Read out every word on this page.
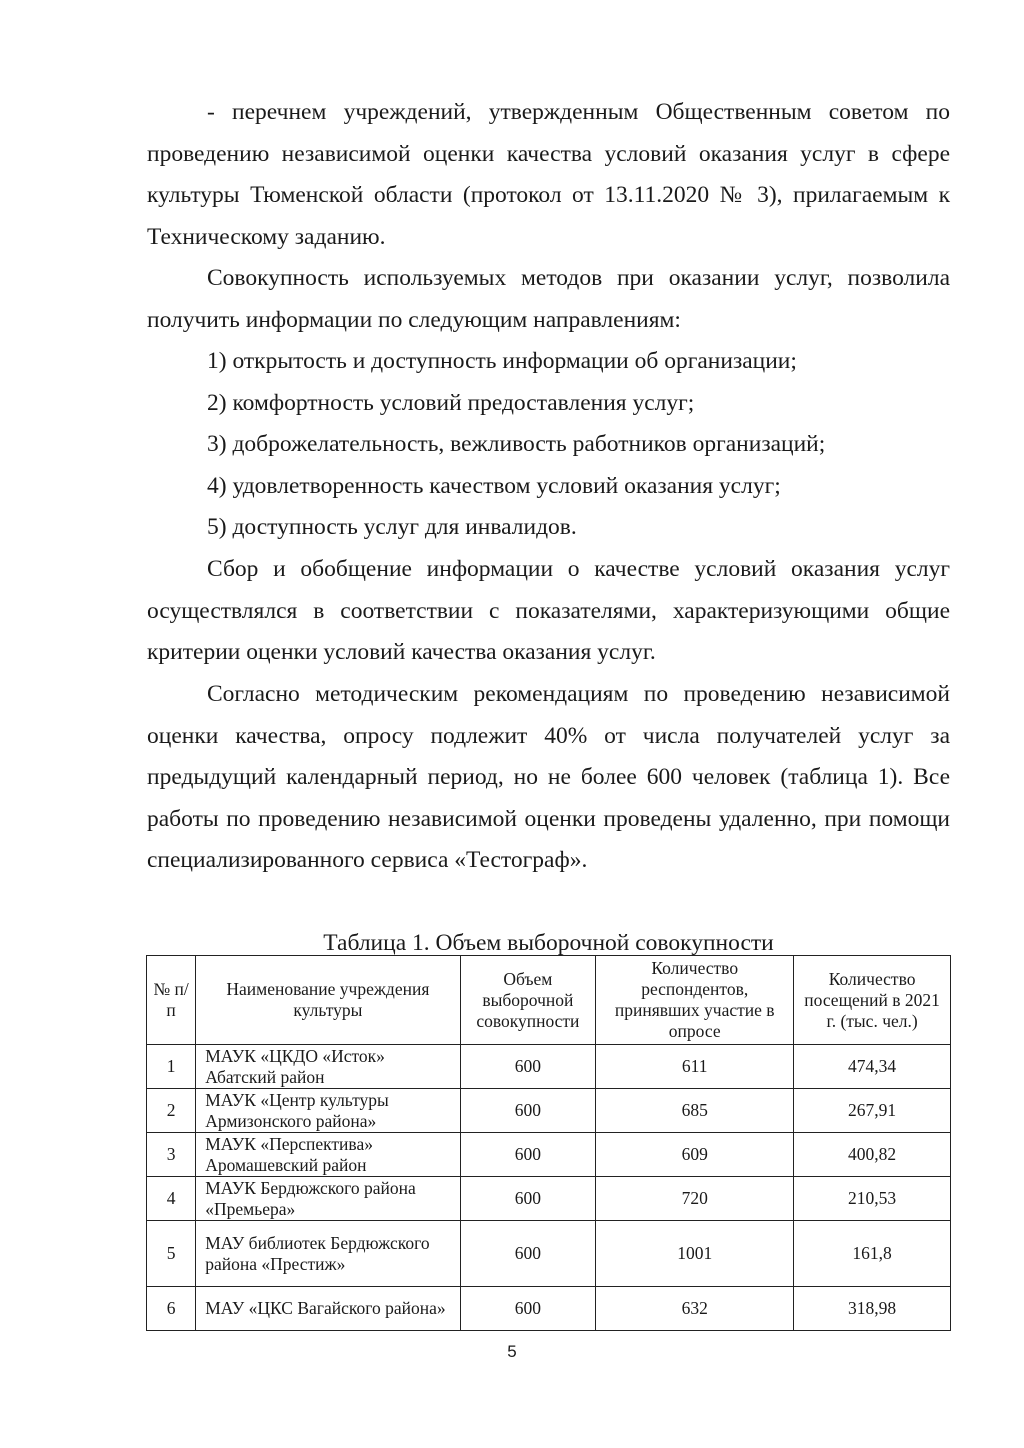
- перечнем учреждений, утвержденным Общественным советом по проведению независимой оценки качества условий оказания услуг в сфере культуры Тюменской области (протокол от 13.11.2020 № 3), прилагаемым к Техническому заданию.

Совокупность используемых методов при оказании услуг, позволила получить информации по следующим направлениям:

1) открытость и доступность информации об организации;

2) комфортность условий предоставления услуг;

3) доброжелательность, вежливость работников организаций;

4) удовлетворенность качеством условий оказания услуг;

5) доступность услуг для инвалидов.

Сбор и обобщение информации о качестве условий оказания услуг осуществлялся в соответствии с показателями, характеризующими общие критерии оценки условий качества оказания услуг.

Согласно методическим рекомендациям по проведению независимой оценки качества, опросу подлежит 40% от числа получателей услуг за предыдущий календарный период, но не более 600 человек (таблица 1). Все работы по проведению независимой оценки проведены удаленно, при помощи специализированного сервиса «Тестограф».

Таблица 1. Объем выборочной совокупности
№ п/п	Наименование учреждения культуры	Объем выборочной совокупности	Количество респондентов, принявших участие в опросе	Количество посещений в 2021 г. (тыс. чел.)
1	МАУК «ЦКДО «Исток» Абатский район	600	611	474,34
2	МАУК «Центр культуры Армизонского района»	600	685	267,91
3	МАУК «Перспектива» Аромашевский район	600	609	400,82
4	МАУК Бердюжского района «Премьера»	600	720	210,53
5	МАУ библиотек Бердюжского района «Престиж»	600	1001	161,8
6	МАУ «ЦКС Вагайского района»	600	632	318,98
5
